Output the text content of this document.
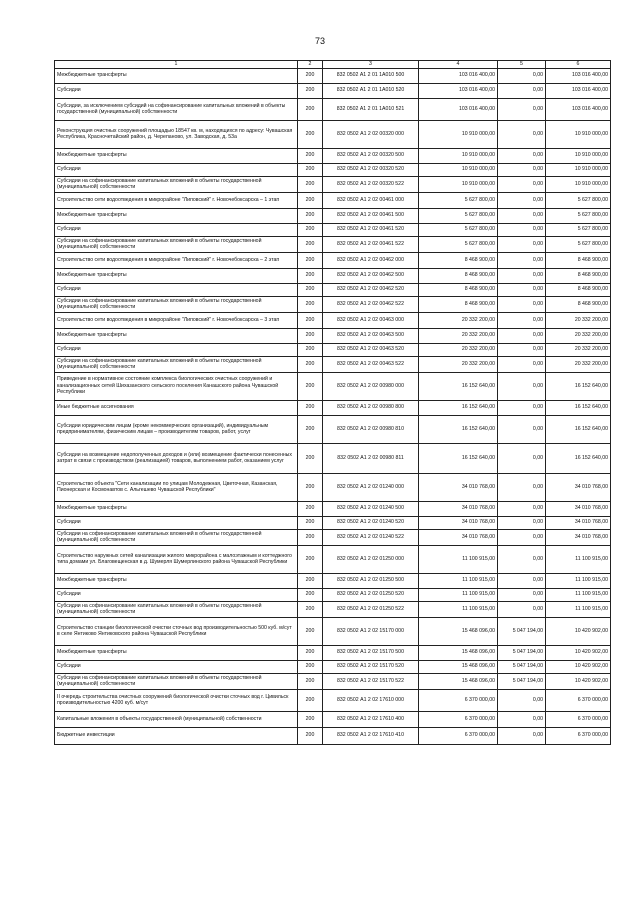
73
1	2	3	4	5	6
Межбюджетные трансферты	200	832 0502 А1 2 01 1А010 500	103 016 400,00	0,00	103 016 400,00
Субсидии	200	832 0502 А1 2 01 1А010 520	103 016 400,00	0,00	103 016 400,00
Субсидии, за исключением субсидий на софинансирование капитальных вложений в объекты государственной (муниципальной) собственности	200	832 0502 А1 2 01 1А010 521	103 016 400,00	0,00	103 016 400,00
Реконструкция очистных сооружений площадью 18547 кв. м, находящихся по адресу: Чувашская Республика, Красночетайский район, д. Черепаново, ул. Заводская, д. 53а	200	832 0502 А1 2 02 00320 000	10 910 000,00	0,00	10 910 000,00
Межбюджетные трансферты	200	832 0502 А1 2 02 00320 500	10 910 000,00	0,00	10 910 000,00
Субсидии	200	832 0502 А1 2 02 00320 520	10 910 000,00	0,00	10 910 000,00
Субсидии на софинансирование капитальных вложений в объекты государственной (муниципальной) собственности	200	832 0502 А1 2 02 00320 522	10 910 000,00	0,00	10 910 000,00
Строительство сети водоотведения в микрорайоне "Липовский" г. Новочебоксарска – 1 этап	200	832 0502 А1 2 02 00461 000	5 627 800,00	0,00	5 627 800,00
Межбюджетные трансферты	200	832 0502 А1 2 02 00461 500	5 627 800,00	0,00	5 627 800,00
Субсидии	200	832 0502 А1 2 02 00461 520	5 627 800,00	0,00	5 627 800,00
Субсидии на софинансирование капитальных вложений в объекты государственной (муниципальной) собственности	200	832 0502 А1 2 02 00461 522	5 627 800,00	0,00	5 627 800,00
Строительство сети водоотведения в микрорайоне "Липовский" г. Новочебоксарска – 2 этап	200	832 0502 А1 2 02 00462 000	8 468 900,00	0,00	8 468 900,00
Межбюджетные трансферты	200	832 0502 А1 2 02 00462 500	8 468 900,00	0,00	8 468 900,00
Субсидии	200	832 0502 А1 2 02 00462 520	8 468 900,00	0,00	8 468 900,00
Субсидии на софинансирование капитальных вложений в объекты государственной (муниципальной) собственности	200	832 0502 А1 2 02 00462 522	8 468 900,00	0,00	8 468 900,00
Строительство сети водоотведения в микрорайоне "Липовский" г. Новочебоксарска – 3 этап	200	832 0502 А1 2 02 00463 000	20 332 200,00	0,00	20 332 200,00
Межбюджетные трансферты	200	832 0502 А1 2 02 00463 500	20 332 200,00	0,00	20 332 200,00
Субсидии	200	832 0502 А1 2 02 00463 520	20 332 200,00	0,00	20 332 200,00
Субсидии на софинансирование капитальных вложений в объекты государственной (муниципальной) собственности	200	832 0502 А1 2 02 00463 522	20 332 200,00	0,00	20 332 200,00
Приведение в нормативное состояние комплекса биологических очистных сооружений и канализационных сетей Шихазанского сельского поселения Канашского района Чувашской Республики	200	832 0502 А1 2 02 00980 000	16 152 640,00	0,00	16 152 640,00
Иные бюджетные ассигнования	200	832 0502 А1 2 02 00980 800	16 152 640,00	0,00	16 152 640,00
Субсидии юридическим лицам (кроме некоммерческих организаций), индивидуальным предпринимателям, физическим лицам – производителям товаров, работ, услуг	200	832 0502 А1 2 02 00980 810	16 152 640,00	0,00	16 152 640,00
Субсидии на возмещение недополученных доходов и (или) возмещение фактически понесенных затрат в связи с производством (реализацией) товаров, выполнением работ, оказанием услуг	200	832 0502 А1 2 02 00980 811	16 152 640,00	0,00	16 152 640,00
Строительство объекта "Сети канализации по улицам Молодежная, Цветочная, Казанская, Пионерская и Космонавтов с. Альгешево Чувашской Республики"	200	832 0502 А1 2 02 01240 000	34 010 768,00	0,00	34 010 768,00
Межбюджетные трансферты	200	832 0502 А1 2 02 01240 500	34 010 768,00	0,00	34 010 768,00
Субсидии	200	832 0502 А1 2 02 01240 520	34 010 768,00	0,00	34 010 768,00
Субсидии на софинансирование капитальных вложений в объекты государственной (муниципальной) собственности	200	832 0502 А1 2 02 01240 522	34 010 768,00	0,00	34 010 768,00
Строительство наружных сетей канализации жилого микрорайона с малоэтажным и коттеджного типа домами ул. Благовещенская в д. Шумерля Шумерлинского района Чувашской Республики	200	832 0502 А1 2 02 01250 000	11 100 915,00	0,00	11 100 915,00
Межбюджетные трансферты	200	832 0502 А1 2 02 01250 500	11 100 915,00	0,00	11 100 915,00
Субсидии	200	832 0502 А1 2 02 01250 520	11 100 915,00	0,00	11 100 915,00
Субсидии на софинансирование капитальных вложений в объекты государственной (муниципальной) собственности	200	832 0502 А1 2 02 01250 522	11 100 915,00	0,00	11 100 915,00
Строительство станции биологической очистки сточных вод производительностью 500 куб. м/сут в селе Янтиково Янтиковского района Чувашской Республики	200	832 0502 А1 2 02 15170 000	15 468 096,00	5 047 194,00	10 420 902,00
Межбюджетные трансферты	200	832 0502 А1 2 02 15170 500	15 468 096,00	5 047 194,00	10 420 902,00
Субсидии	200	832 0502 А1 2 02 15170 520	15 468 096,00	5 047 194,00	10 420 902,00
Субсидии на софинансирование капитальных вложений в объекты государственной (муниципальной) собственности	200	832 0502 А1 2 02 15170 522	15 468 096,00	5 047 194,00	10 420 902,00
II очередь строительства очистных сооружений биологической очистки сточных вод г. Цивильск производительностью 4200 куб. м/сут	200	832 0502 А1 2 02 17610 000	6 370 000,00	0,00	6 370 000,00
Капитальные вложения в объекты государственной (муниципальной) собственности	200	832 0502 А1 2 02 17610 400	6 370 000,00	0,00	6 370 000,00
Бюджетные инвестиции	200	832 0502 А1 2 02 17610 410	6 370 000,00	0,00	6 370 000,00
